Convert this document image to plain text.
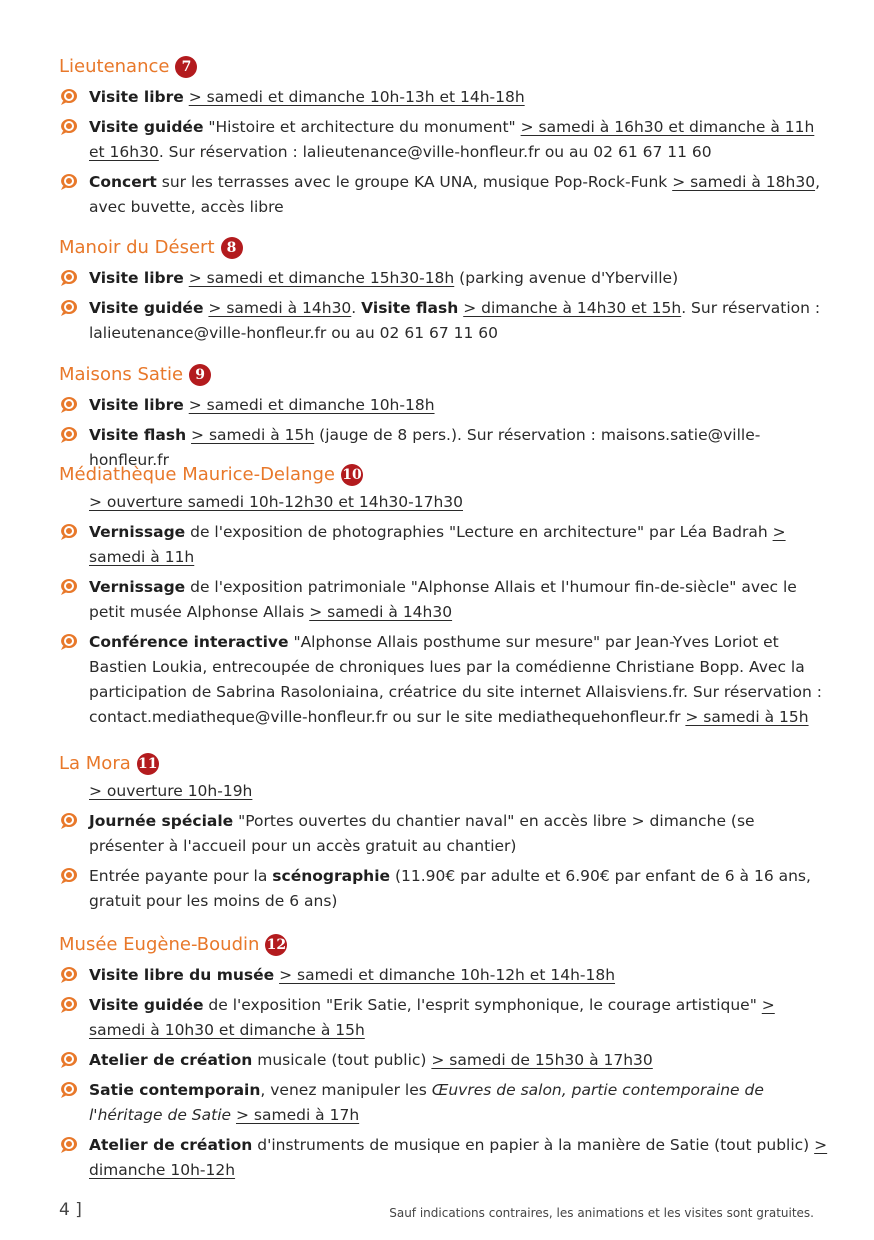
Lieutenance 7
Visite libre > samedi et dimanche 10h-13h et 14h-18h
Visite guidée "Histoire et architecture du monument" > samedi à 16h30 et dimanche à 11h et 16h30. Sur réservation : lalieutenance@ville-honfleur.fr ou au 02 61 67 11 60
Concert sur les terrasses avec le groupe KA UNA, musique Pop-Rock-Funk > samedi à 18h30, avec buvette, accès libre
Manoir du Désert 8
Visite libre > samedi et dimanche 15h30-18h (parking avenue d'Yberville)
Visite guidée > samedi à 14h30. Visite flash > dimanche à 14h30 et 15h. Sur réservation : lalieutenance@ville-honfleur.fr ou au 02 61 67 11 60
Maisons Satie 9
Visite libre > samedi et dimanche 10h-18h
Visite flash > samedi à 15h (jauge de 8 pers.). Sur réservation : maisons.satie@ville-honfleur.fr
Médiathèque Maurice-Delange 10
> ouverture samedi 10h-12h30 et 14h30-17h30
Vernissage de l'exposition de photographies "Lecture en architecture" par Léa Badrah > samedi à 11h
Vernissage de l'exposition patrimoniale "Alphonse Allais et l'humour fin-de-siècle" avec le petit musée Alphonse Allais > samedi à 14h30
Conférence interactive "Alphonse Allais posthume sur mesure" par Jean-Yves Loriot et Bastien Loukia, entrecoupée de chroniques lues par la comédienne Christiane Bopp. Avec la participation de Sabrina Rasoloniaina, créatrice du site internet Allaisviens.fr. Sur réservation : contact.mediatheque@ville-honfleur.fr ou sur le site mediathequehonfleur.fr > samedi à 15h
La Mora 11
> ouverture 10h-19h
Journée spéciale "Portes ouvertes du chantier naval" en accès libre > dimanche (se présenter à l'accueil pour un accès gratuit au chantier)
Entrée payante pour la scénographie (11.90€ par adulte et 6.90€ par enfant de 6 à 16 ans, gratuit pour les moins de 6 ans)
Musée Eugène-Boudin 12
Visite libre du musée > samedi et dimanche 10h-12h et 14h-18h
Visite guidée de l'exposition "Erik Satie, l'esprit symphonique, le courage artistique" > samedi à 10h30 et dimanche à 15h
Atelier de création musicale (tout public) > samedi de 15h30 à 17h30
Satie contemporain, venez manipuler les Œuvres de salon, partie contemporaine de l'héritage de Satie > samedi à 17h
Atelier de création d'instruments de musique en papier à la manière de Satie (tout public) > dimanche 10h-12h
4 ]	Sauf indications contraires, les animations et les visites sont gratuites.
